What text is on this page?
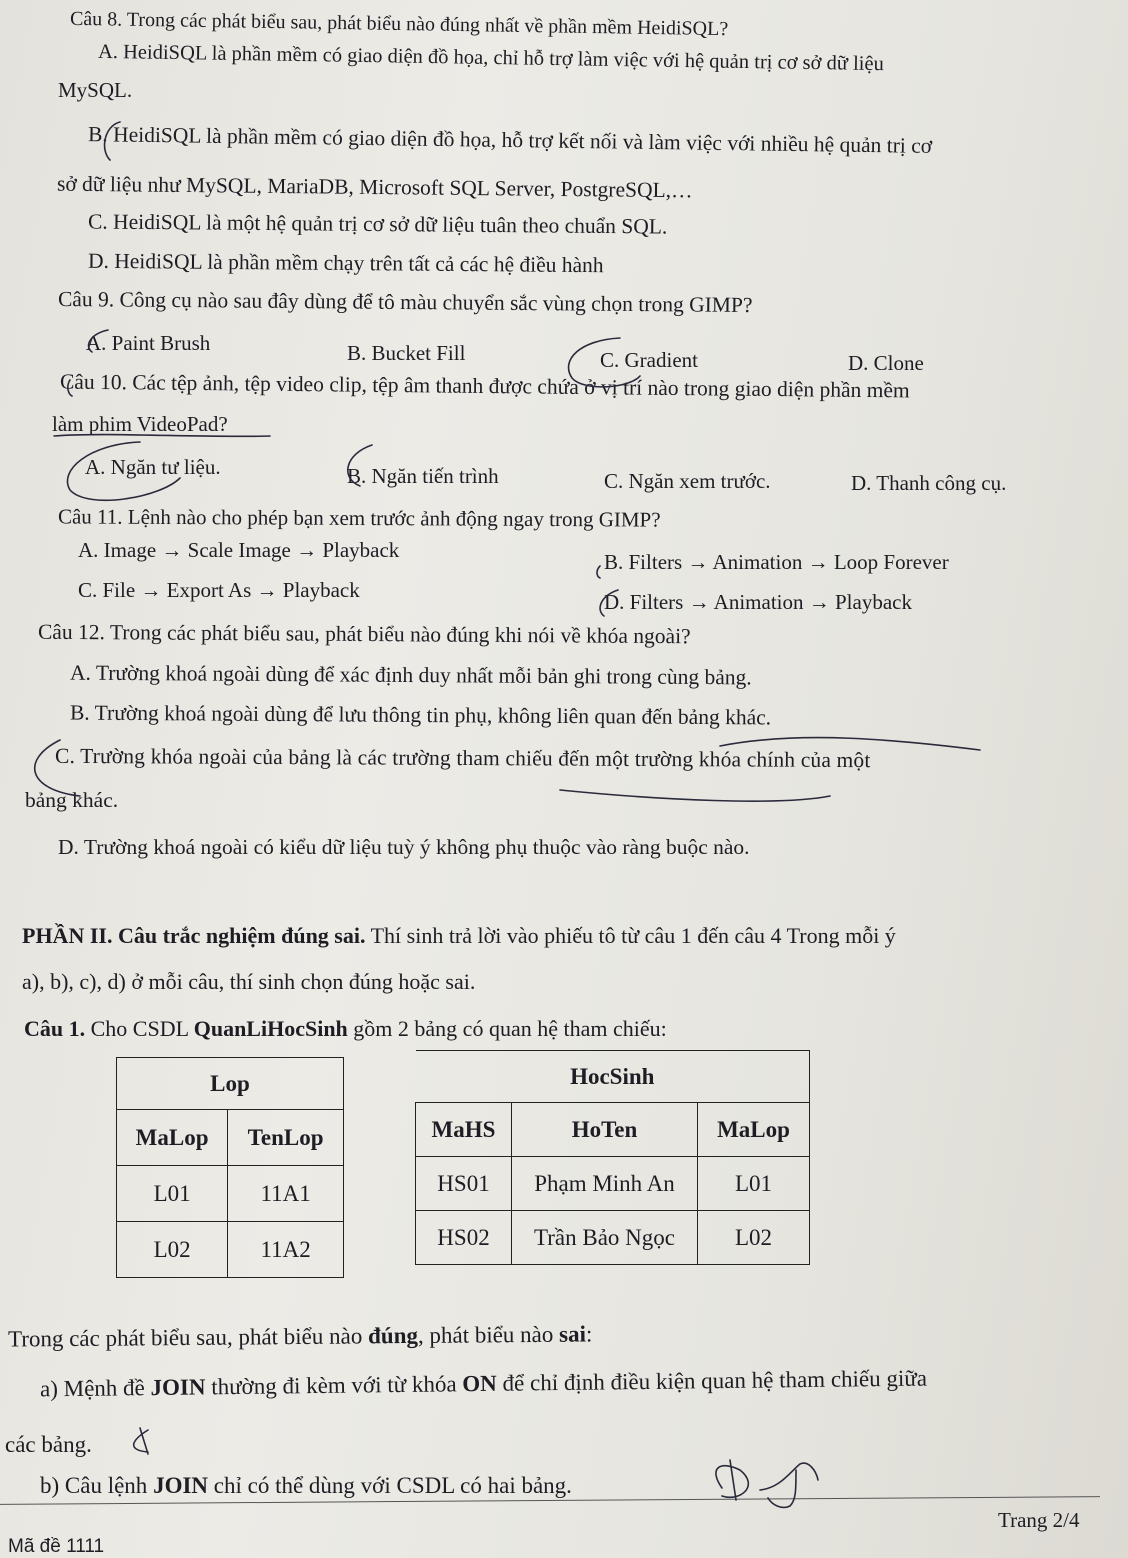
Câu 8. Trong các phát biểu sau, phát biểu nào đúng nhất về phần mềm HeidiSQL?
A. HeidiSQL là phần mềm có giao diện đồ họa, chỉ hỗ trợ làm việc với hệ quản trị cơ sở dữ liệu
MySQL.
B. HeidiSQL là phần mềm có giao diện đồ họa, hỗ trợ kết nối và làm việc với nhiều hệ quản trị cơ
sở dữ liệu như MySQL, MariaDB, Microsoft SQL Server, PostgreSQL,…
C. HeidiSQL là một hệ quản trị cơ sở dữ liệu tuân theo chuẩn SQL.
D. HeidiSQL là phần mềm chạy trên tất cả các hệ điều hành
Câu 9. Công cụ nào sau đây dùng để tô màu chuyển sắc vùng chọn trong GIMP?
A. Paint Brush	B. Bucket Fill	C. Gradient	D. Clone
Câu 10. Các tệp ảnh, tệp video clip, tệp âm thanh được chứa ở vị trí nào trong giao diện phần mềm
làm phim VideoPad?
A. Ngăn tư liệu.	B. Ngăn tiến trình	C. Ngăn xem trước.	D. Thanh công cụ.
Câu 11. Lệnh nào cho phép bạn xem trước ảnh động ngay trong GIMP?
A. Image → Scale Image → Playback	B. Filters → Animation → Loop Forever
C. File → Export As → Playback	D. Filters → Animation → Playback
Câu 12. Trong các phát biểu sau, phát biểu nào đúng khi nói về khóa ngoài?
A. Trường khoá ngoài dùng để xác định duy nhất mỗi bản ghi trong cùng bảng.
B. Trường khoá ngoài dùng để lưu thông tin phụ, không liên quan đến bảng khác.
C. Trường khóa ngoài của bảng là các trường tham chiếu đến một trường khóa chính của một
bảng khác.
D. Trường khoá ngoài có kiểu dữ liệu tuỳ ý không phụ thuộc vào ràng buộc nào.
PHẦN II. Câu trắc nghiệm đúng sai. Thí sinh trả lời vào phiếu tô từ câu 1 đến câu 4 Trong mỗi ý
a), b), c), d) ở mỗi câu, thí sinh chọn đúng hoặc sai.
Câu 1. Cho CSDL QuanLiHocSinh gồm 2 bảng có quan hệ tham chiếu:
Lop	
MaLop	TenLop
L01	11A1
L02	11A2
HocSinh		
MaHS	HoTen	MaLop
HS01	Phạm Minh An	L01
HS02	Trần Bảo Ngọc	L02
Trong các phát biểu sau, phát biểu nào đúng, phát biểu nào sai:
a) Mệnh đề JOIN thường đi kèm với từ khóa ON để chỉ định điều kiện quan hệ tham chiếu giữa
các bảng.
b) Câu lệnh JOIN chỉ có thể dùng với CSDL có hai bảng.
Trang 2/4
Mã đề 1111
